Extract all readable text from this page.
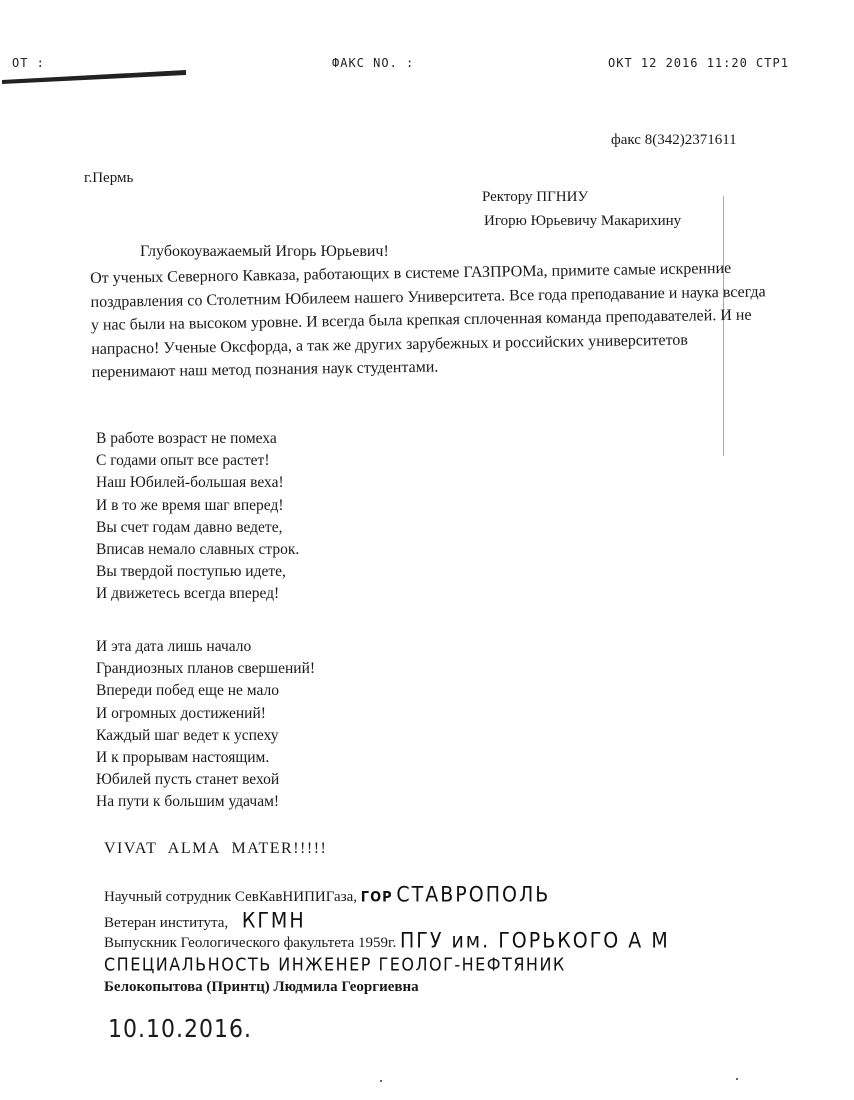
OT :	ФАКС NO. :	ОКТ 12 2016 11:20 СТР1
факс 8(342)2371611
г.Пермь
Ректору ПГНИУ
Игорю Юрьевичу Макарихину
Глубокоуважаемый Игорь Юрьевич!

От ученых Северного Кавказа, работающих в системе ГАЗПРОМа, примите самые искренние поздравления со Столетним Юбилеем нашего Университета. Все года преподавание и наука всегда у нас были на высоком уровне. И всегда была крепкая сплоченная команда преподавателей. И не напрасно! Ученые Оксфорда, а так же других зарубежных и российских университетов перенимают наш метод познания наук студентами.

В работе возраст не помеха
С годами опыт все растет!
Наш Юбилей-большая веха!
И в то же время шаг вперед!
Вы счет годам давно ведете,
Вписав немало славных строк.
Вы твердой поступью идете,
И движетесь всегда вперед!
И эта дата лишь начало
Грандиозных планов свершений!
Впереди побед еще не мало
И огромных достижений!
Каждый шаг ведет к успеху
И к прорывам настоящим.
Юбилей пусть станет вехой
На пути к большим удачам!
VIVAT ALMA MATER!!!!!
Научный сотрудник СевКавНИПИГаза, ГОР СТАВРОПОЛЬ
Ветеран института, КГМН
Выпускник Геологического факультета 1959г. ПГУ им. ГОРЬКОГО А М
СПЕЦИАЛЬНОСТЬ ИНЖЕНЕР ГЕОЛОГ-НЕФТЯНИК
Белокопытова (Принтц) Людмила Георгиевна
10.10.2016.
